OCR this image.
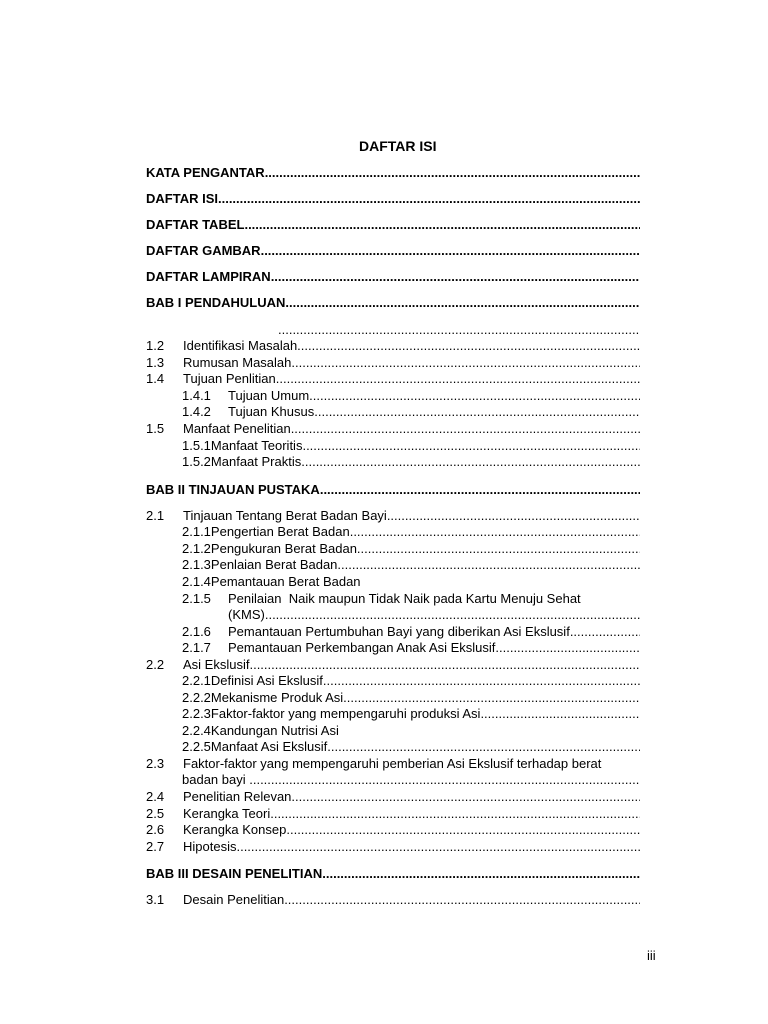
DAFTAR ISI
KATA PENGANTAR
.....
DAFTAR ISI
.....
DAFTAR TABEL
.....
DAFTAR GAMBAR
.....
DAFTAR LAMPIRAN
.....
BAB I PENDAHULUAN
.....
.....
1.2 Identifikasi Masalah
.....
1.3 Rumusan Masalah
.....
1.4 Tujuan Penlitian
.....
1.4.1	Tujuan Umum
.....
1.4.2	Tujuan Khusus
.....
1.5 Manfaat Penelitian
.....
1.5.1 Manfaat Teoritis
.....
1.5.2 Manfaat Praktis
.....
BAB II TINJAUAN PUSTAKA
.....
2.1 Tinjauan Tentang Berat Badan Bayi
.....
2.1.1 Pengertian Berat Badan
.....
2.1.2 Pengukuran Berat Badan
.....
2.1.3 Penlaian Berat Badan
.....
2.1.4 Pemantauan Berat Badan
2.1.5	Penilaian  Naik maupun Tidak Naik pada Kartu Menuju Sehat
(KMS)
.....
2.1.6	Pemantauan Pertumbuhan Bayi yang diberikan Asi Ekslusif
.....
2.1.7	Pemantauan Perkembangan Anak Asi Ekslusif
.....
2.2 Asi Ekslusif
.....
2.2.1 Definisi Asi Ekslusif
.....
2.2.2 Mekanisme Produk Asi
.....
2.2.3 Faktor-faktor yang mempengaruhi produksi Asi
.....
2.2.4 Kandungan Nutrisi Asi
2.2.5 Manfaat Asi Ekslusif
.....
2.3 Faktor-faktor yang mempengaruhi pemberian Asi Ekslusif terhadap berat
badan bayi
.....
2.4 Penelitian Relevan
.....
2.5 Kerangka Teori
.....
2.6 Kerangka Konsep
.....
2.7 Hipotesis
.....
BAB III DESAIN PENELITIAN
.....
3.1 Desain Penelitian
.....
iii
